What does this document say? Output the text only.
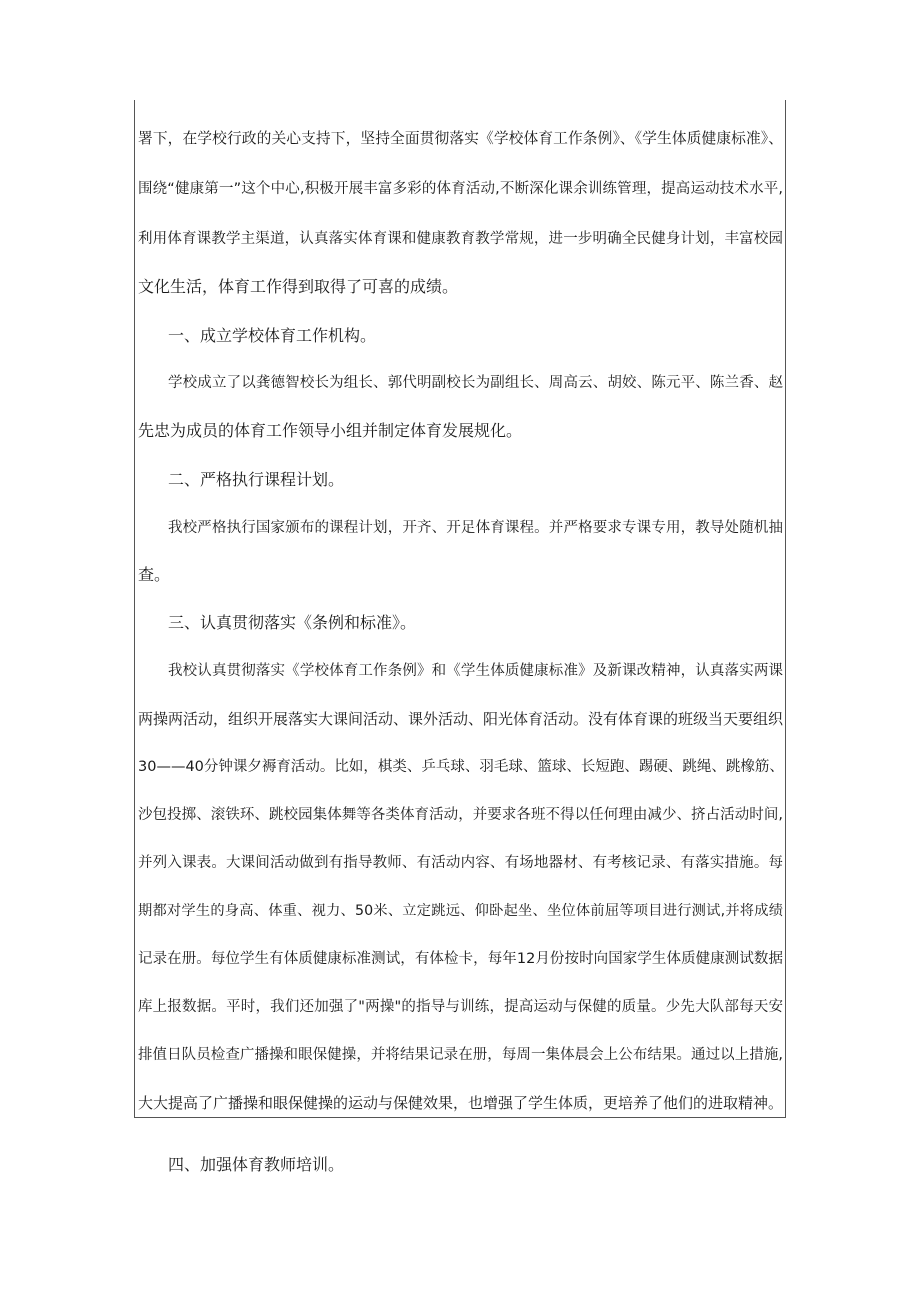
署下，在学校行政的关心支持下，坚持全面贯彻落实《学校体育工作条例》、《学生体质健康标准》、
围绕“健康第一”这个中心,积极开展丰富多彩的体育活动,不断深化课余训练管理，提高运动技术水平,
利用体育课教学主渠道，认真落实体育课和健康教育教学常规，进一步明确全民健身计划，丰富校园
文化生活，体育工作得到取得了可喜的成绩。
一、成立学校体育工作机构。
学校成立了以龚德智校长为组长、郭代明副校长为副组长、周高云、胡姣、陈元平、陈兰香、赵
先忠为成员的体育工作领导小组并制定体育发展规化。
二、严格执行课程计划。
我校严格执行国家颁布的课程计划，开齐、开足体育课程。并严格要求专课专用，教导处随机抽
查。
三、认真贯彻落实《条例和标准》。
我校认真贯彻落实《学校体育工作条例》和《学生体质健康标准》及新课改精神，认真落实两课
两操两活动，组织开展落实大课间活动、课外活动、阳光体育活动。没有体育课的班级当天要组织
30——40分钟课夕褥育活动。比如，棋类、乒乓球、羽毛球、篮球、长短跑、踢硬、跳绳、跳橡筋、
沙包投掷、滚铁环、跳校园集体舞等各类体育活动，并要求各班不得以任何理由减少、挤占活动时间,
并列入课表。大课间活动做到有指导教师、有活动内容、有场地器材、有考核记录、有落实措施。每
期都对学生的身高、体重、视力、50米、立定跳远、仰卧起坐、坐位体前屈等项目进行测试,并将成绩
记录在册。每位学生有体质健康标准测试，有体检卡，每年12月份按时向国家学生体质健康测试数据
库上报数据。平时，我们还加强了"两操"的指导与训练，提高运动与保健的质量。少先大队部每天安
排值日队员检查广播操和眼保健操，并将结果记录在册，每周一集体晨会上公布结果。通过以上措施,
大大提高了广播操和眼保健操的运动与保健效果，也增强了学生体质，更培养了他们的进取精神。
四、加强体育教师培训。
